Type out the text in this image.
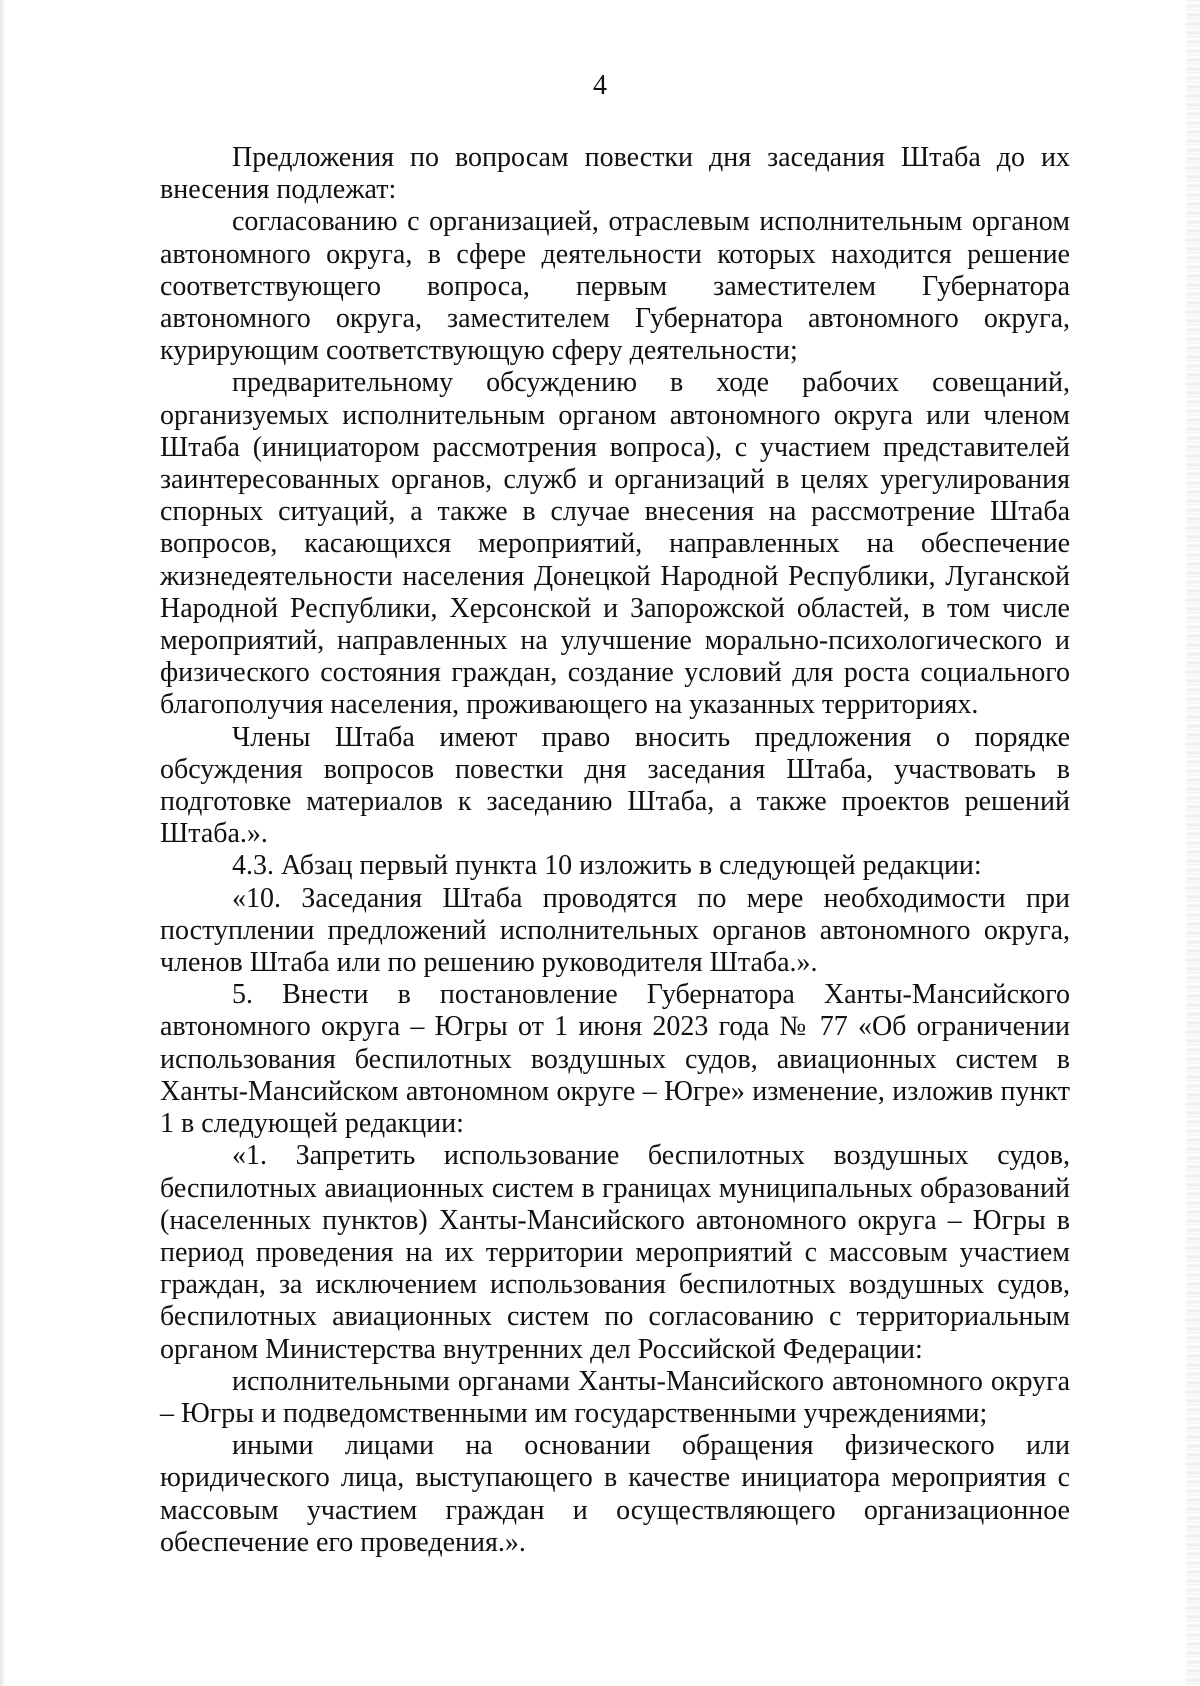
4

Предложения по вопросам повестки дня заседания Штаба до их внесения подлежат:

согласованию с организацией, отраслевым исполнительным органом автономного округа, в сфере деятельности которых находится решение соответствующего вопроса, первым заместителем Губернатора автономного округа, заместителем Губернатора автономного округа, курирующим соответствующую сферу деятельности;

предварительному обсуждению в ходе рабочих совещаний, организуемых исполнительным органом автономного округа или членом Штаба (инициатором рассмотрения вопроса), с участием представителей заинтересованных органов, служб и организаций в целях урегулирования спорных ситуаций, а также в случае внесения на рассмотрение Штаба вопросов, касающихся мероприятий, направленных на обеспечение жизнедеятельности населения Донецкой Народной Республики, Луганской Народной Республики, Херсонской и Запорожской областей, в том числе мероприятий, направленных на улучшение морально-психологического и физического состояния граждан, создание условий для роста социального благополучия населения, проживающего на указанных территориях.

Члены Штаба имеют право вносить предложения о порядке обсуждения вопросов повестки дня заседания Штаба, участвовать в подготовке материалов к заседанию Штаба, а также проектов решений Штаба.».

4.3. Абзац первый пункта 10 изложить в следующей редакции:

«10. Заседания Штаба проводятся по мере необходимости при поступлении предложений исполнительных органов автономного округа, членов Штаба или по решению руководителя Штаба.».

5. Внести в постановление Губернатора Ханты-Мансийского автономного округа – Югры от 1 июня 2023 года № 77 «Об ограничении использования беспилотных воздушных судов, авиационных систем в Ханты-Мансийском автономном округе – Югре» изменение, изложив пункт 1 в следующей редакции:

«1. Запретить использование беспилотных воздушных судов, беспилотных авиационных систем в границах муниципальных образований (населенных пунктов) Ханты-Мансийского автономного округа – Югры в период проведения на их территории мероприятий с массовым участием граждан, за исключением использования беспилотных воздушных судов, беспилотных авиационных систем по согласованию с территориальным органом Министерства внутренних дел Российской Федерации:

исполнительными органами Ханты-Мансийского автономного округа – Югры и подведомственными им государственными учреждениями;

иными лицами на основании обращения физического или юридического лица, выступающего в качестве инициатора мероприятия с массовым участием граждан и осуществляющего организационное обеспечение его проведения.».
